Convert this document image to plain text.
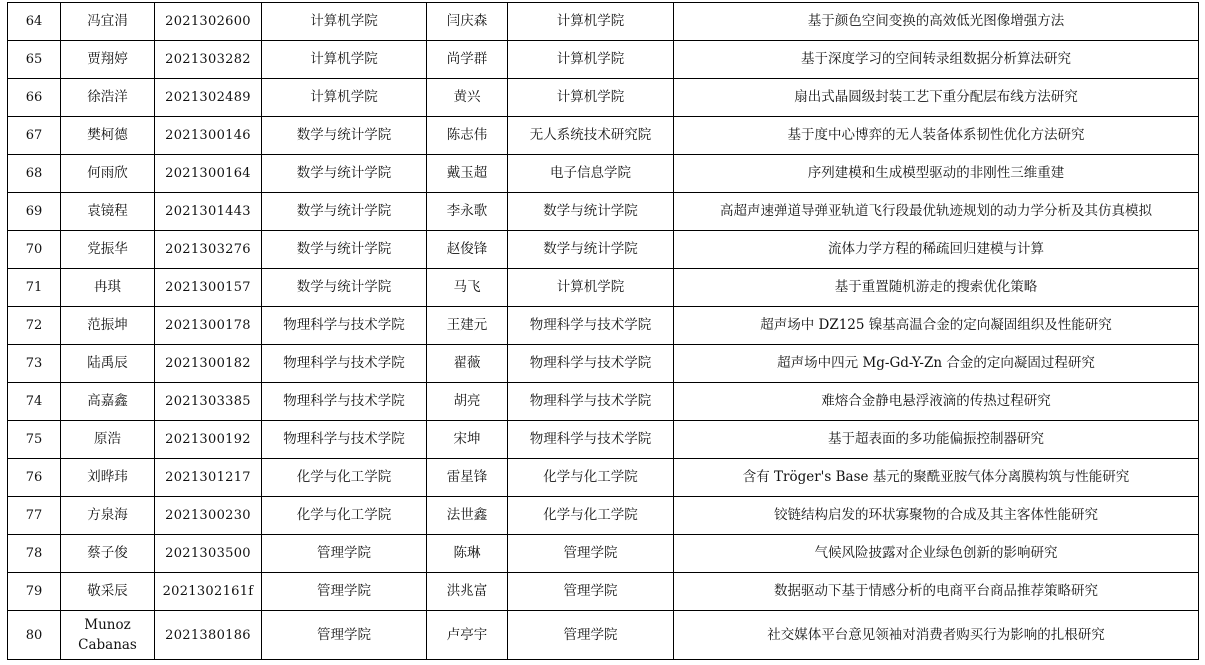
64	冯宜涓	2021302600	计算机学院	闫庆森	计算机学院	基于颜色空间变换的高效低光图像增强方法
65	贾翔婷	2021303282	计算机学院	尚学群	计算机学院	基于深度学习的空间转录组数据分析算法研究
66	徐浩洋	2021302489	计算机学院	黄兴	计算机学院	扇出式晶圆级封装工艺下重分配层布线方法研究
67	樊柯德	2021300146	数学与统计学院	陈志伟	无人系统技术研究院	基于度中心博弈的无人装备体系韧性优化方法研究
68	何雨欣	2021300164	数学与统计学院	戴玉超	电子信息学院	序列建模和生成模型驱动的非刚性三维重建
69	袁镜程	2021301443	数学与统计学院	李永歌	数学与统计学院	高超声速弹道导弹亚轨道飞行段最优轨迹规划的动力学分析及其仿真模拟
70	党振华	2021303276	数学与统计学院	赵俊锋	数学与统计学院	流体力学方程的稀疏回归建模与计算
71	冉琪	2021300157	数学与统计学院	马飞	计算机学院	基于重置随机游走的搜索优化策略
72	范振坤	2021300178	物理科学与技术学院	王建元	物理科学与技术学院	超声场中 DZ125 镍基高温合金的定向凝固组织及性能研究
73	陆禹辰	2021300182	物理科学与技术学院	翟薇	物理科学与技术学院	超声场中四元 Mg-Gd-Y-Zn 合金的定向凝固过程研究
74	高嘉鑫	2021303385	物理科学与技术学院	胡亮	物理科学与技术学院	难熔合金静电悬浮液滴的传热过程研究
75	原浩	2021300192	物理科学与技术学院	宋坤	物理科学与技术学院	基于超表面的多功能偏振控制器研究
76	刘晔玮	2021301217	化学与化工学院	雷星锋	化学与化工学院	含有 Tröger's Base 基元的聚酰亚胺气体分离膜构筑与性能研究
77	方泉海	2021300230	化学与化工学院	法世鑫	化学与化工学院	铰链结构启发的环状寡聚物的合成及其主客体性能研究
78	蔡子俊	2021303500	管理学院	陈琳	管理学院	气候风险披露对企业绿色创新的影响研究
79	敬采辰	2021302161f	管理学院	洪兆富	管理学院	数据驱动下基于情感分析的电商平台商品推荐策略研究
80	Munoz Cabanas	2021380186	管理学院	卢亭宇	管理学院	社交媒体平台意见领袖对消费者购买行为影响的扎根研究
